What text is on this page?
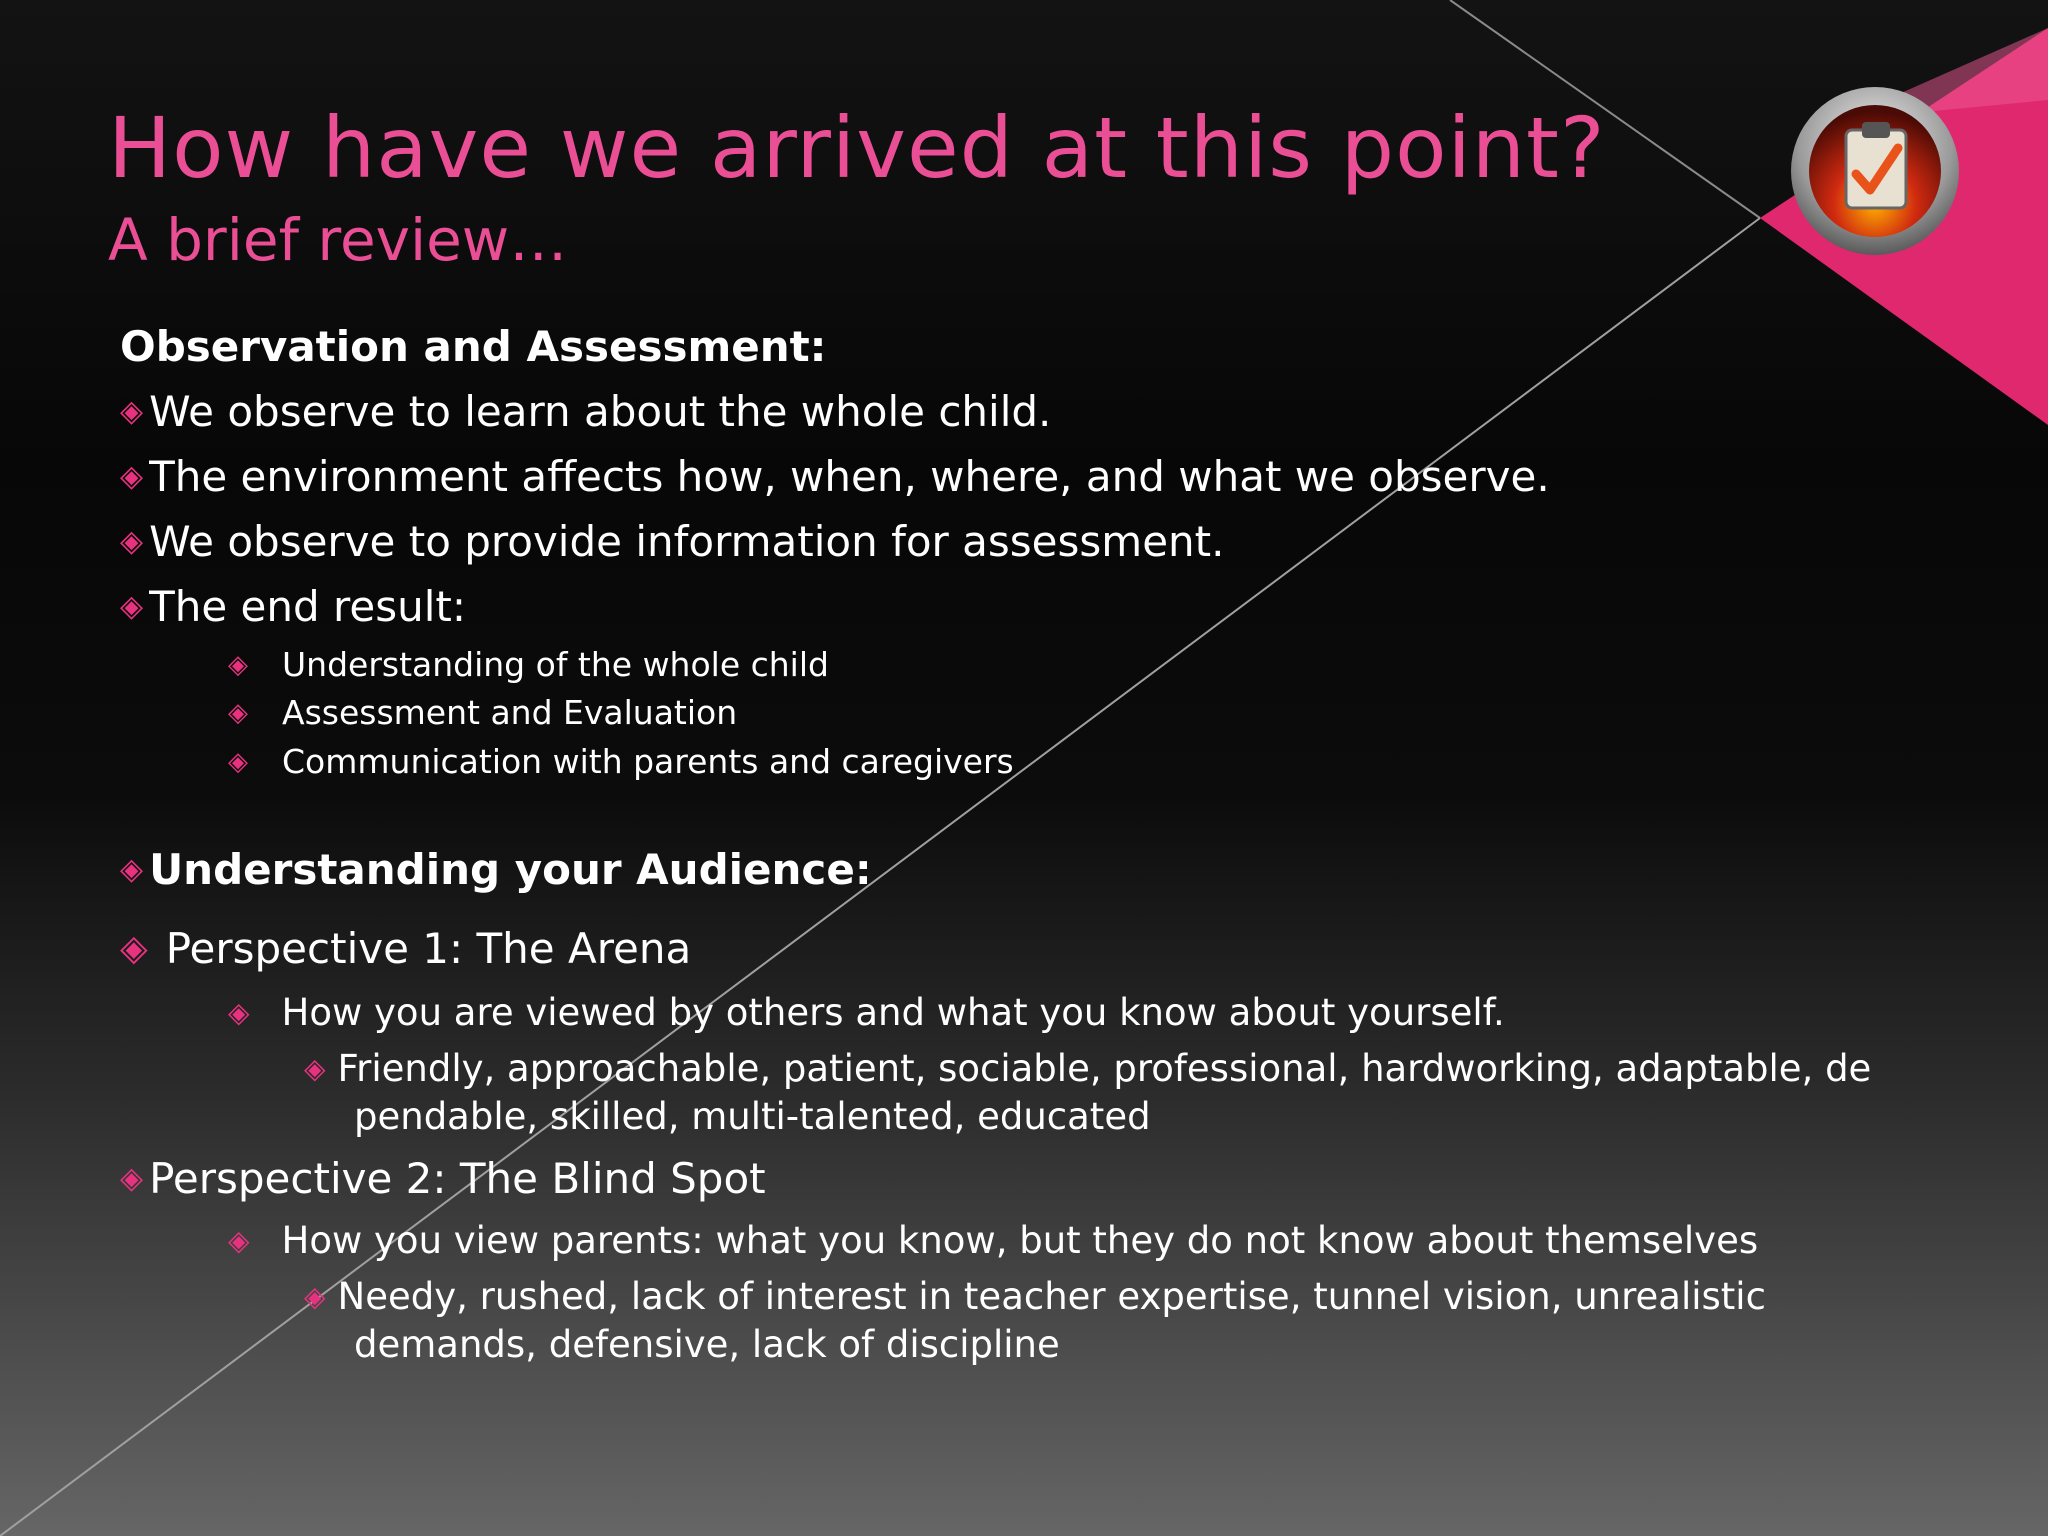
How have we arrived at this point?
A brief review…
Observation and Assessment:
◈ We observe to learn about the whole child.
◈ The environment affects how, when, where, and what we observe.
◈ We observe to provide information for assessment.
◈ The end result:
◈ Understanding of the whole child
◈ Assessment and Evaluation
◈ Communication with parents and caregivers
◈ Understanding your Audience:
◈ Perspective 1: The Arena
◈ How you are viewed by others and what you know about yourself.
◈ Friendly, approachable, patient, sociable, professional, hardworking, adaptable, de
pendable, skilled, multi-talented, educated
◈ Perspective 2: The Blind Spot
◈ How you view parents: what you know, but they do not know about themselves
◈ Needy, rushed, lack of interest in teacher expertise, tunnel vision, unrealistic
demands, defensive, lack of discipline
